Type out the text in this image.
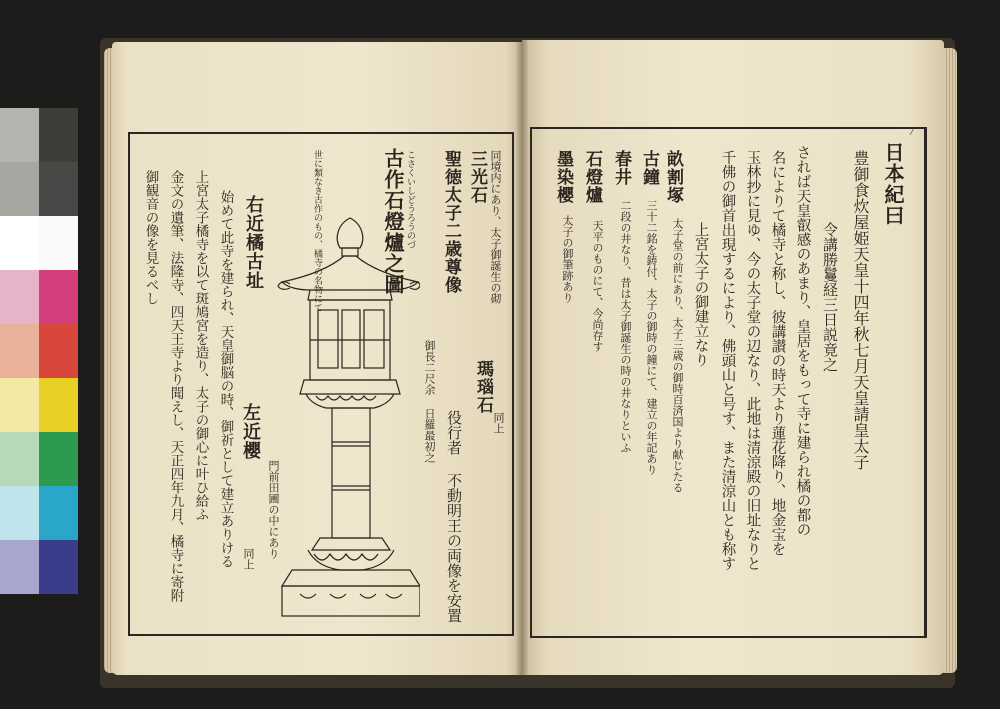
日本紀曰
豊御食炊屋姫天皇十四年秋七月天皇請皇太子
令講勝鬘経三日説竟之
されば天皇叡感のあまり、皇居をもって寺に建られ橘の都の
名によりて橘寺と称し、彼講讃の時天より蓮花降り、地金宝を
玉林抄に見ゆ、今の太子堂の辺なり、此地は清涼殿の旧址なりと
千佛の御首出現するにより、佛頭山と号す、また清涼山とも称す
上宮太子の御建立なり
畝割塚
太子堂の前にあり、太子三歳の御時百済国より献じたる
古鐘
三十二銘を鋳付、太子の御時の鐘にて、建立の年記あり
春井
二段の井なり、昔は太子御誕生の時の井なりといふ
石燈爐
天平のものにて、今尚存す
墨染櫻
太子の御筆跡あり
古作石燈爐之圖 こさくいしどうろうのづ
世に類なき古作のもの、橘寺の名物にて	三光石 同境内にあり、太子御誕生の砌
聖徳太子二歳尊像
御長二尺余 日羅最初之 瑪瑙石
同上
役行者 不動明王の両像を安置
右近橘古址
門前田圃の中にあり
左近櫻
同上
始めて此寺を建られ、天皇御脳の時、御祈として建立ありける
上宮太子橘寺を以て斑鳩宮を造り、太子の御心に叶ひ給ふ
金文の遺筆、法隆寺、四天王寺より聞えし、天正四年九月、橘寺に寄附
御観音の像を見るべし
⁄
